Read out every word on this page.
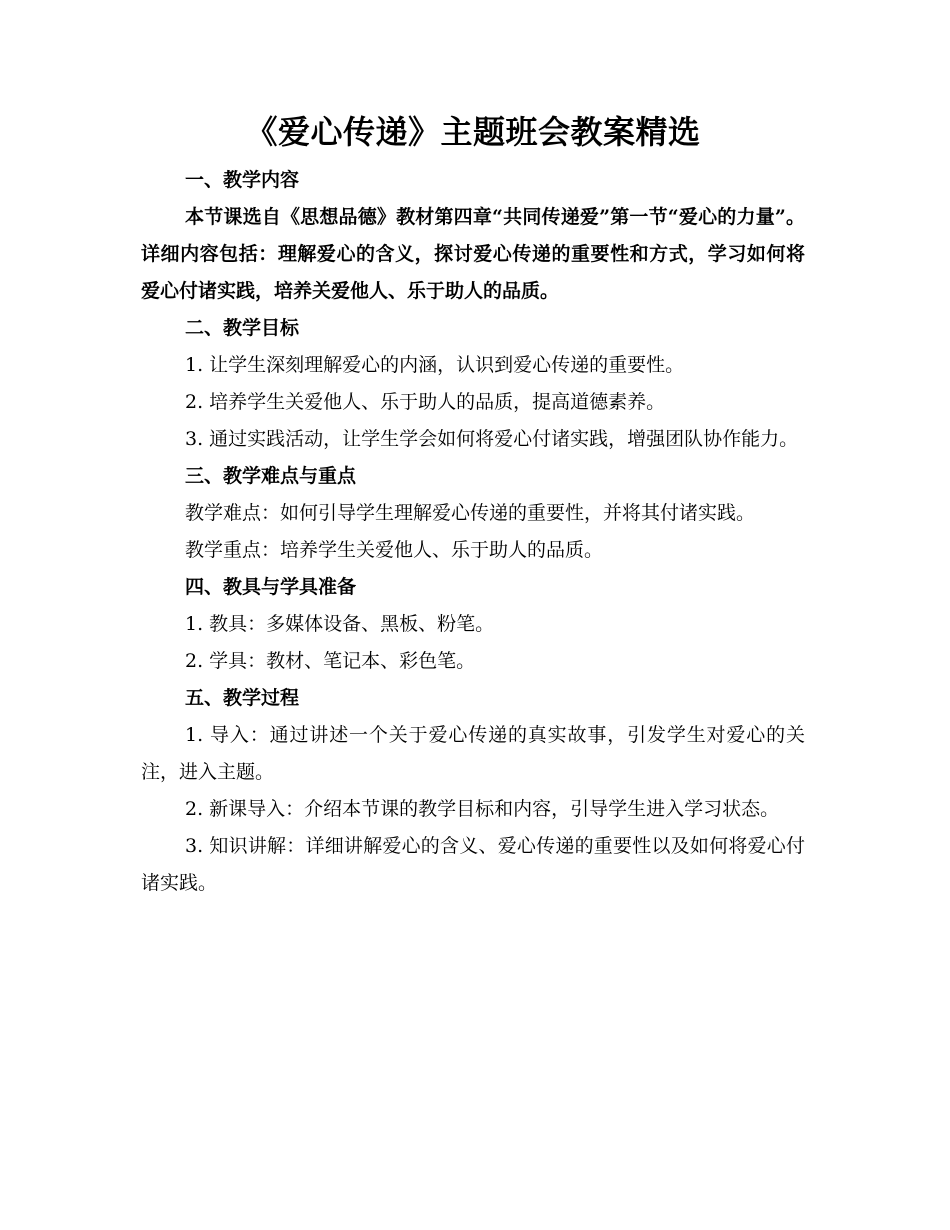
《爱心传递》主题班会教案精选

一、教学内容

本节课选自《思想品德》教材第四章“共同传递爱”第一节“爱心的力量”。详细内容包括：理解爱心的含义，探讨爱心传递的重要性和方式，学习如何将爱心付诸实践，培养关爱他人、乐于助人的品质。

二、教学目标

1. 让学生深刻理解爱心的内涵，认识到爱心传递的重要性。

2. 培养学生关爱他人、乐于助人的品质，提高道德素养。

3. 通过实践活动，让学生学会如何将爱心付诸实践，增强团队协作能力。

三、教学难点与重点

教学难点：如何引导学生理解爱心传递的重要性，并将其付诸实践。

教学重点：培养学生关爱他人、乐于助人的品质。

四、教具与学具准备

1. 教具：多媒体设备、黑板、粉笔。

2. 学具：教材、笔记本、彩色笔。

五、教学过程

1. 导入：通过讲述一个关于爱心传递的真实故事，引发学生对爱心的关注，进入主题。

2. 新课导入：介绍本节课的教学目标和内容，引导学生进入学习状态。

3. 知识讲解：详细讲解爱心的含义、爱心传递的重要性以及如何将爱心付诸实践。
